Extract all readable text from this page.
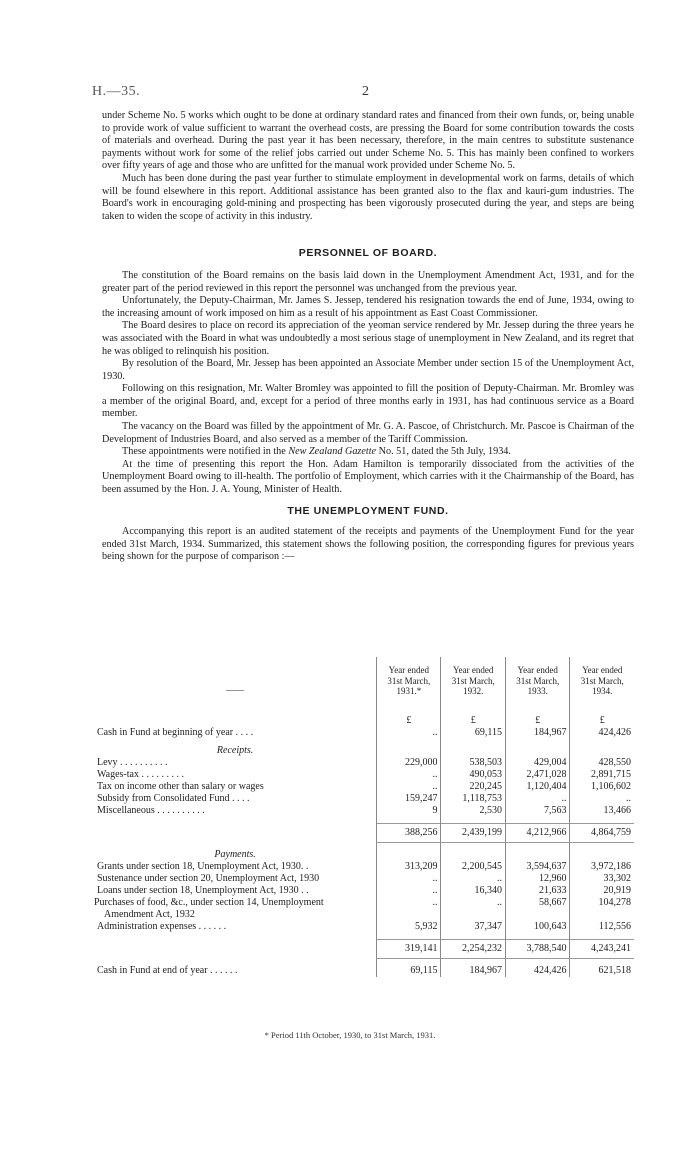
H.—35.	2
under Scheme No. 5 works which ought to be done at ordinary standard rates and financed from their own funds, or, being unable to provide work of value sufficient to warrant the overhead costs, are pressing the Board for some contribution towards the costs of materials and overhead. During the past year it has been necessary, therefore, in the main centres to substitute sustenance payments without work for some of the relief jobs carried out under Scheme No. 5. This has mainly been confined to workers over fifty years of age and those who are unfitted for the manual work provided under Scheme No. 5.
Much has been done during the past year further to stimulate employment in developmental work on farms, details of which will be found elsewhere in this report. Additional assistance has been granted also to the flax and kauri-gum industries. The Board's work in encouraging gold-mining and prospecting has been vigorously prosecuted during the year, and steps are being taken to widen the scope of activity in this industry.
PERSONNEL OF BOARD.
The constitution of the Board remains on the basis laid down in the Unemployment Amendment Act, 1931, and for the greater part of the period reviewed in this report the personnel was unchanged from the previous year.
Unfortunately, the Deputy-Chairman, Mr. James S. Jessep, tendered his resignation towards the end of June, 1934, owing to the increasing amount of work imposed on him as a result of his appointment as East Coast Commissioner.
The Board desires to place on record its appreciation of the yeoman service rendered by Mr. Jessep during the three years he was associated with the Board in what was undoubtedly a most serious stage of unemployment in New Zealand, and its regret that he was obliged to relinquish his position.
By resolution of the Board, Mr. Jessep has been appointed an Associate Member under section 15 of the Unemployment Act, 1930.
Following on this resignation, Mr. Walter Bromley was appointed to fill the position of Deputy-Chairman. Mr. Bromley was a member of the original Board, and, except for a period of three months early in 1931, has had continuous service as a Board member.
The vacancy on the Board was filled by the appointment of Mr. G. A. Pascoe, of Christchurch. Mr. Pascoe is Chairman of the Development of Industries Board, and also served as a member of the Tariff Commission.
These appointments were notified in the New Zealand Gazette No. 51, dated the 5th July, 1934.
At the time of presenting this report the Hon. Adam Hamilton is temporarily dissociated from the activities of the Unemployment Board owing to ill-health. The portfolio of Employment, which carries with it the Chairmanship of the Board, has been assumed by the Hon. J. A. Young, Minister of Health.
THE UNEMPLOYMENT FUND.
Accompanying this report is an audited statement of the receipts and payments of the Unemployment Fund for the year ended 31st March, 1934. Summarized, this statement shows the following position, the corresponding figures for previous years being shown for the purpose of comparison :—
——	Year ended 31st March, 1931.*	Year ended 31st March, 1932.	Year ended 31st March, 1933.	Year ended 31st March, 1934.
	£	£	£	£
Cash in Fund at beginning of year . . . .	..	69,115	184,967	424,426

Receipts.				
Levy . . . . . . . . . .	229,000	538,503	429,004	428,550
Wages-tax . . . . . . . . .	..	490,053	2,471,028	2,891,715
Tax on income other than salary or wages	..	220,245	1,120,404	1,106,602
Subsidy from Consolidated Fund . . . .	159,247	1,118,753	..	..
Miscellaneous . . . . . . . . . .	9	2,530	7,563	13,466

	388,256	2,439,199	4,212,966	4,864,759

Payments.				
Grants under section 18, Unemployment Act, 1930. .	313,209	2,200,545	3,594,637	3,972,186
Sustenance under section 20, Unemployment Act, 1930	..	..	12,960	33,302
Loans under section 18, Unemployment Act, 1930 . .	..	16,340	21,633	20,919
Purchases of food, &c., under section 14, Unemployment Amendment Act, 1932	..	..	58,667	104,278
Administration expenses . . . . . .	5,932	37,347	100,643	112,556

	319,141	2,254,232	3,788,540	4,243,241

Cash in Fund at end of year . . . . . .	69,115	184,967	424,426	621,518
* Period 11th October, 1930, to 31st March, 1931.
